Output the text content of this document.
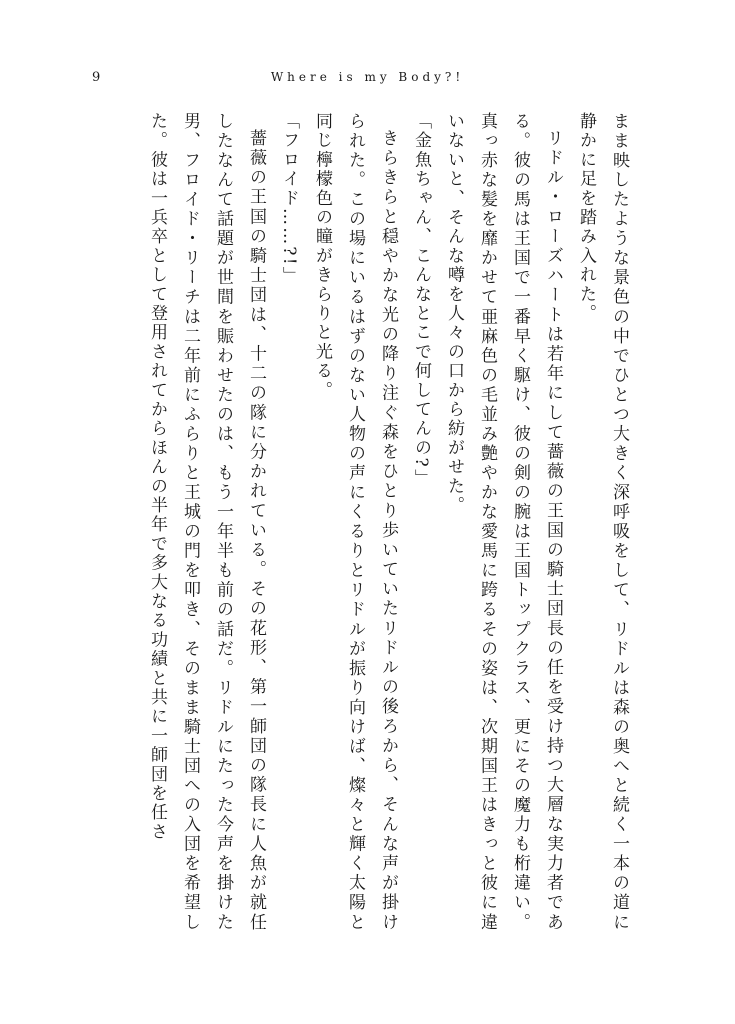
9	Where is my Body?!

まま映したような景色の中でひとつ大きく深呼吸をして、リドルは森の奥へと続く一本の道に静かに足を踏み入れた。

リドル・ローズハートは若年にして薔薇の王国の騎士団長の任を受け持つ大層な実力者である。彼の馬は王国で一番早く駆け、彼の剣の腕は王国トップクラス、更にその魔力も桁違い。真っ赤な髪を靡かせて亜麻色の毛並み艶やかな愛馬に跨るその姿は、次期国王はきっと彼に違いないと、そんな噂を人々の口から紡がせた。

「金魚ちゃん、こんなとこで何してんの?」

きらきらと穏やかな光の降り注ぐ森をひとり歩いていたリドルの後ろから、そんな声が掛けられた。この場にいるはずのない人物の声にくるりとリドルが振り向けば、燦々と輝く太陽と同じ檸檬色の瞳がきらりと光る。

「フロイド……?!」

薔薇の王国の騎士団は、十二の隊に分かれている。その花形、第一師団の隊長に人魚が就任したなんて話題が世間を賑わせたのは、もう一年半も前の話だ。リドルにたった今声を掛けた男、フロイド・リーチは二年前にふらりと王城の門を叩き、そのまま騎士団への入団を希望した。彼は一兵卒として登用されてからほんの半年で多大なる功績と共に一師団を任さ
